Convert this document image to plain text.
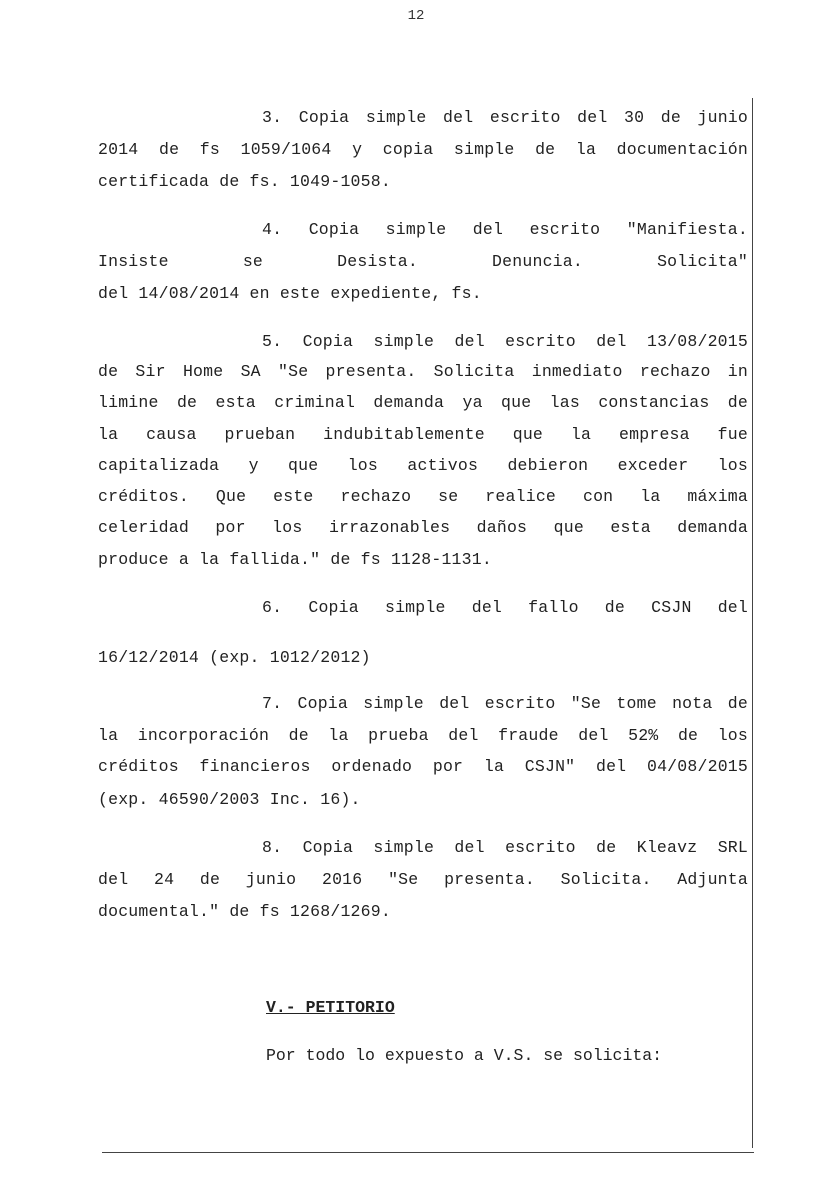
12
3. Copia simple del escrito del 30 de junio
2014 de fs 1059/1064 y copia simple de la documentación
certificada de fs. 1049-1058.
4. Copia simple del escrito "Manifiesta.
Insiste se Desista. Denuncia. Solicita"
del 14/08/2014 en este expediente, fs.
5. Copia simple del escrito del 13/08/2015
de Sir Home SA "Se presenta. Solicita inmediato rechazo in
limine de esta criminal demanda ya que las constancias de
la causa prueban indubitablemente que la empresa fue
capitalizada y que los activos debieron exceder los
créditos. Que este rechazo se realice con la máxima
celeridad por los irrazonables daños que esta demanda
produce a la fallida." de fs 1128-1131.
6. Copia simple del fallo de CSJN del
16/12/2014 (exp. 1012/2012)
7. Copia simple del escrito "Se tome nota de
la incorporación de la prueba del fraude del 52% de los
créditos financieros ordenado por la CSJN" del 04/08/2015
(exp. 46590/2003 Inc. 16).
8. Copia simple del escrito de Kleavz SRL
del 24 de junio 2016 "Se presenta. Solicita. Adjunta
documental." de fs 1268/1269.
V.- PETITORIO
Por todo lo expuesto a V.S. se solicita:
